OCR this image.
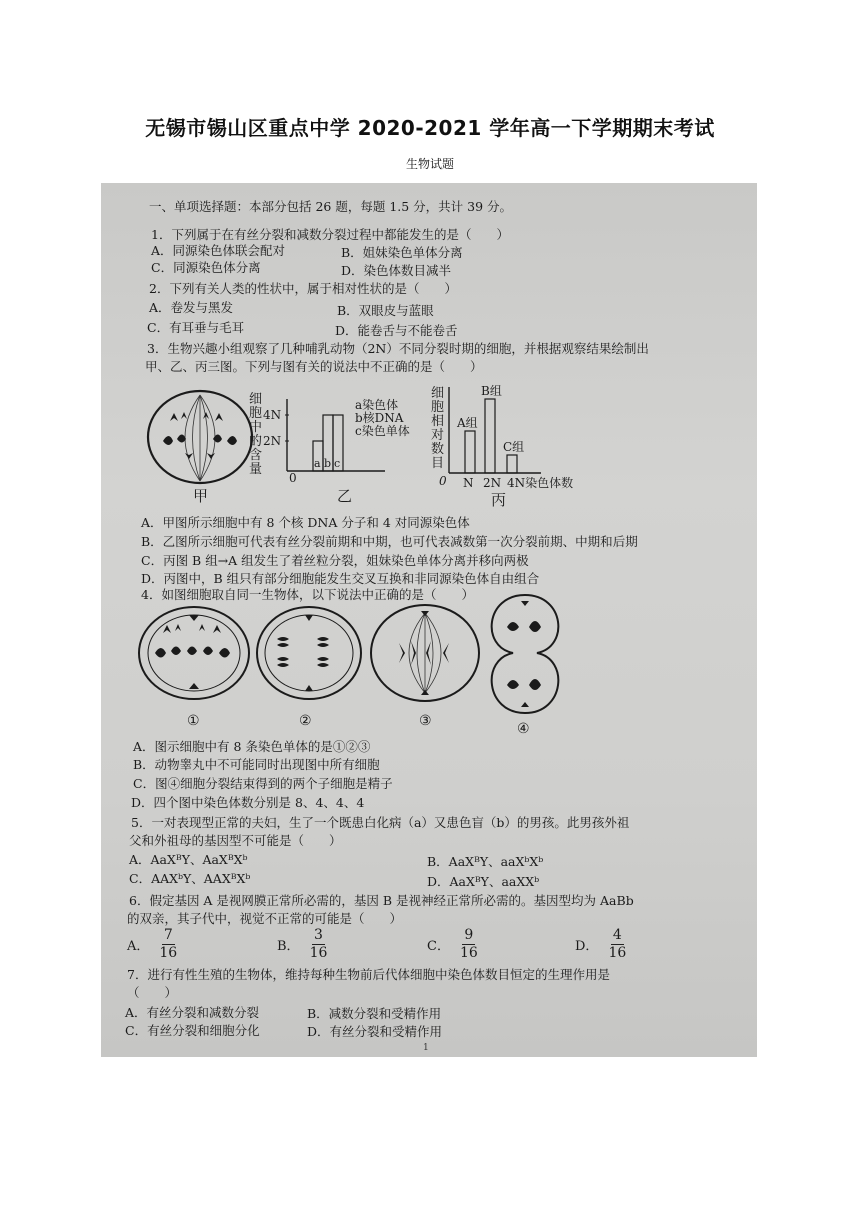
无锡市锡山区重点中学 2020-2021 学年高一下学期期末考试
生物试题
一、单项选择题：本部分包括 26 题，每题 1.5 分，共计 39 分。
1．下列属于在有丝分裂和减数分裂过程中都能发生的是（　　）
A．同源染色体联会配对	B．姐妹染色单体分离
C．同源染色体分离	D．染色体数目减半
2．下列有关人类的性状中，属于相对性状的是（　　）
A．卷发与黑发	B．双眼皮与蓝眼
C．有耳垂与毛耳	D．能卷舌与不能卷舌
3．生物兴趣小组观察了几种哺乳动物（2N）不同分裂时期的细胞，并根据观察结果绘制出
甲、乙、丙三图。下列与图有关的说法中不正确的是（　　）
甲
细
胞
中
的
含
量
4N
2N
0
a b c
a染色体
b核DNA
c染色单体
乙
细
胞
相
对
数
目
0
A组
B组
C组
N 2N 4N染色体数
丙
A．甲图所示细胞中有 8 个核 DNA 分子和 4 对同源染色体
B．乙图所示细胞可代表有丝分裂前期和中期，也可代表减数第一次分裂前期、中期和后期
C．丙图 B 组→A 组发生了着丝粒分裂，姐妹染色单体分离并移向两极
D．丙图中，B 组只有部分细胞能发生交叉互换和非同源染色体自由组合
4．如图细胞取自同一生物体，以下说法中正确的是（　　）
①	②	③	④
A．图示细胞中有 8 条染色单体的是①②③
B．动物睾丸中不可能同时出现图中所有细胞
C．图④细胞分裂结束得到的两个子细胞是精子
D．四个图中染色体数分别是 8、4、4、4
5．一对表现型正常的夫妇，生了一个既患白化病（a）又患色盲（b）的男孩。此男孩外祖
父和外祖母的基因型不可能是（　　）
A．AaXᴮY、AaXᴮXᵇ	B．AaXᴮY、aaXᵇXᵇ
C．AAXᵇY、AAXᴮXᵇ	D．AaXᴮY、aaXXᵇ
6．假定基因 A 是视网膜正常所必需的，基因 B 是视神经正常所必需的。基因型均为 AaBb
的双亲，其子代中，视觉不正常的可能是（　　）
A． $\frac{7}{16}$	B． $\frac{3}{16}$	C． $\frac{9}{16}$	D． $\frac{4}{16}$
7．进行有性生殖的生物体，维持每种生物前后代体细胞中染色体数目恒定的生理作用是
（　　）
A．有丝分裂和减数分裂	B．减数分裂和受精作用
C．有丝分裂和细胞分化	D．有丝分裂和受精作用
1
